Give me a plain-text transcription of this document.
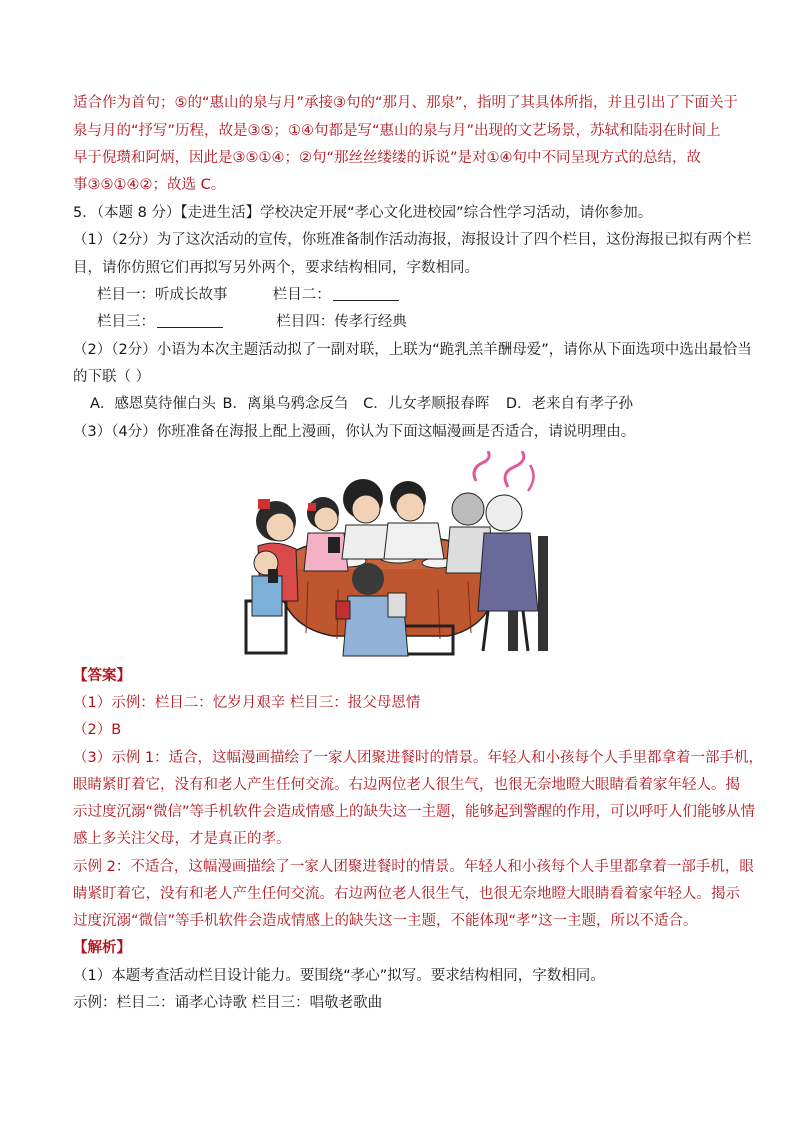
适合作为首句；⑤的“惠山的泉与月”承接③句的“那月、那泉”，指明了其具体所指，并且引出了下面关于
泉与月的“抒写”历程，故是③⑤；①④句都是写“惠山的泉与月”出现的文艺场景，苏轼和陆羽在时间上
早于倪瓒和阿炳，因此是③⑤①④；②句“那丝丝缕缕的诉说”是对①④句中不同呈现方式的总结，故
事③⑤①④②；故选 C。
5．（本题 8 分）【走进生活】学校决定开展“孝心文化进校园”综合性学习活动，请你参加。
（1）（2分）为了这次活动的宣传，你班准备制作活动海报，海报设计了四个栏目，这份海报已拟有两个栏
目，请你仿照它们再拟写另外两个，要求结构相同，字数相同。
栏目一：听成长故事	栏目二：
栏目三：	栏目四：传孝行经典
（2）（2分）小语为本次主题活动拟了一副对联，上联为“跪乳羔羊酬母爱”，请你从下面选项中选出最恰当
的下联（ ）
A．感恩莫待催白头 B．离巢乌鸦念反刍 C．儿女孝顺报春晖 D．老来自有孝子孙
（3）（4分）你班准备在海报上配上漫画，你认为下面这幅漫画是否适合，请说明理由。
【答案】
（1）示例：栏目二：忆岁月艰辛 栏目三：报父母恩情
（2）B
（3）示例 1：适合，这幅漫画描绘了一家人团聚进餐时的情景。年轻人和小孩每个人手里都拿着一部手机，
眼睛紧盯着它，没有和老人产生任何交流。右边两位老人很生气，也很无奈地瞪大眼睛看着家年轻人。揭
示过度沉溺“微信”等手机软件会造成情感上的缺失这一主题，能够起到警醒的作用，可以呼吁人们能够从情
感上多关注父母，才是真正的孝。
示例 2：不适合，这幅漫画描绘了一家人团聚进餐时的情景。年轻人和小孩每个人手里都拿着一部手机，眼
睛紧盯着它，没有和老人产生任何交流。右边两位老人很生气，也很无奈地瞪大眼睛看着家年轻人。揭示
过度沉溺“微信”等手机软件会造成情感上的缺失这一主题，不能体现“孝”这一主题，所以不适合。
【解析】
（1）本题考查活动栏目设计能力。要围绕“孝心”拟写。要求结构相同，字数相同。
示例：栏目二：诵孝心诗歌 栏目三：唱敬老歌曲
